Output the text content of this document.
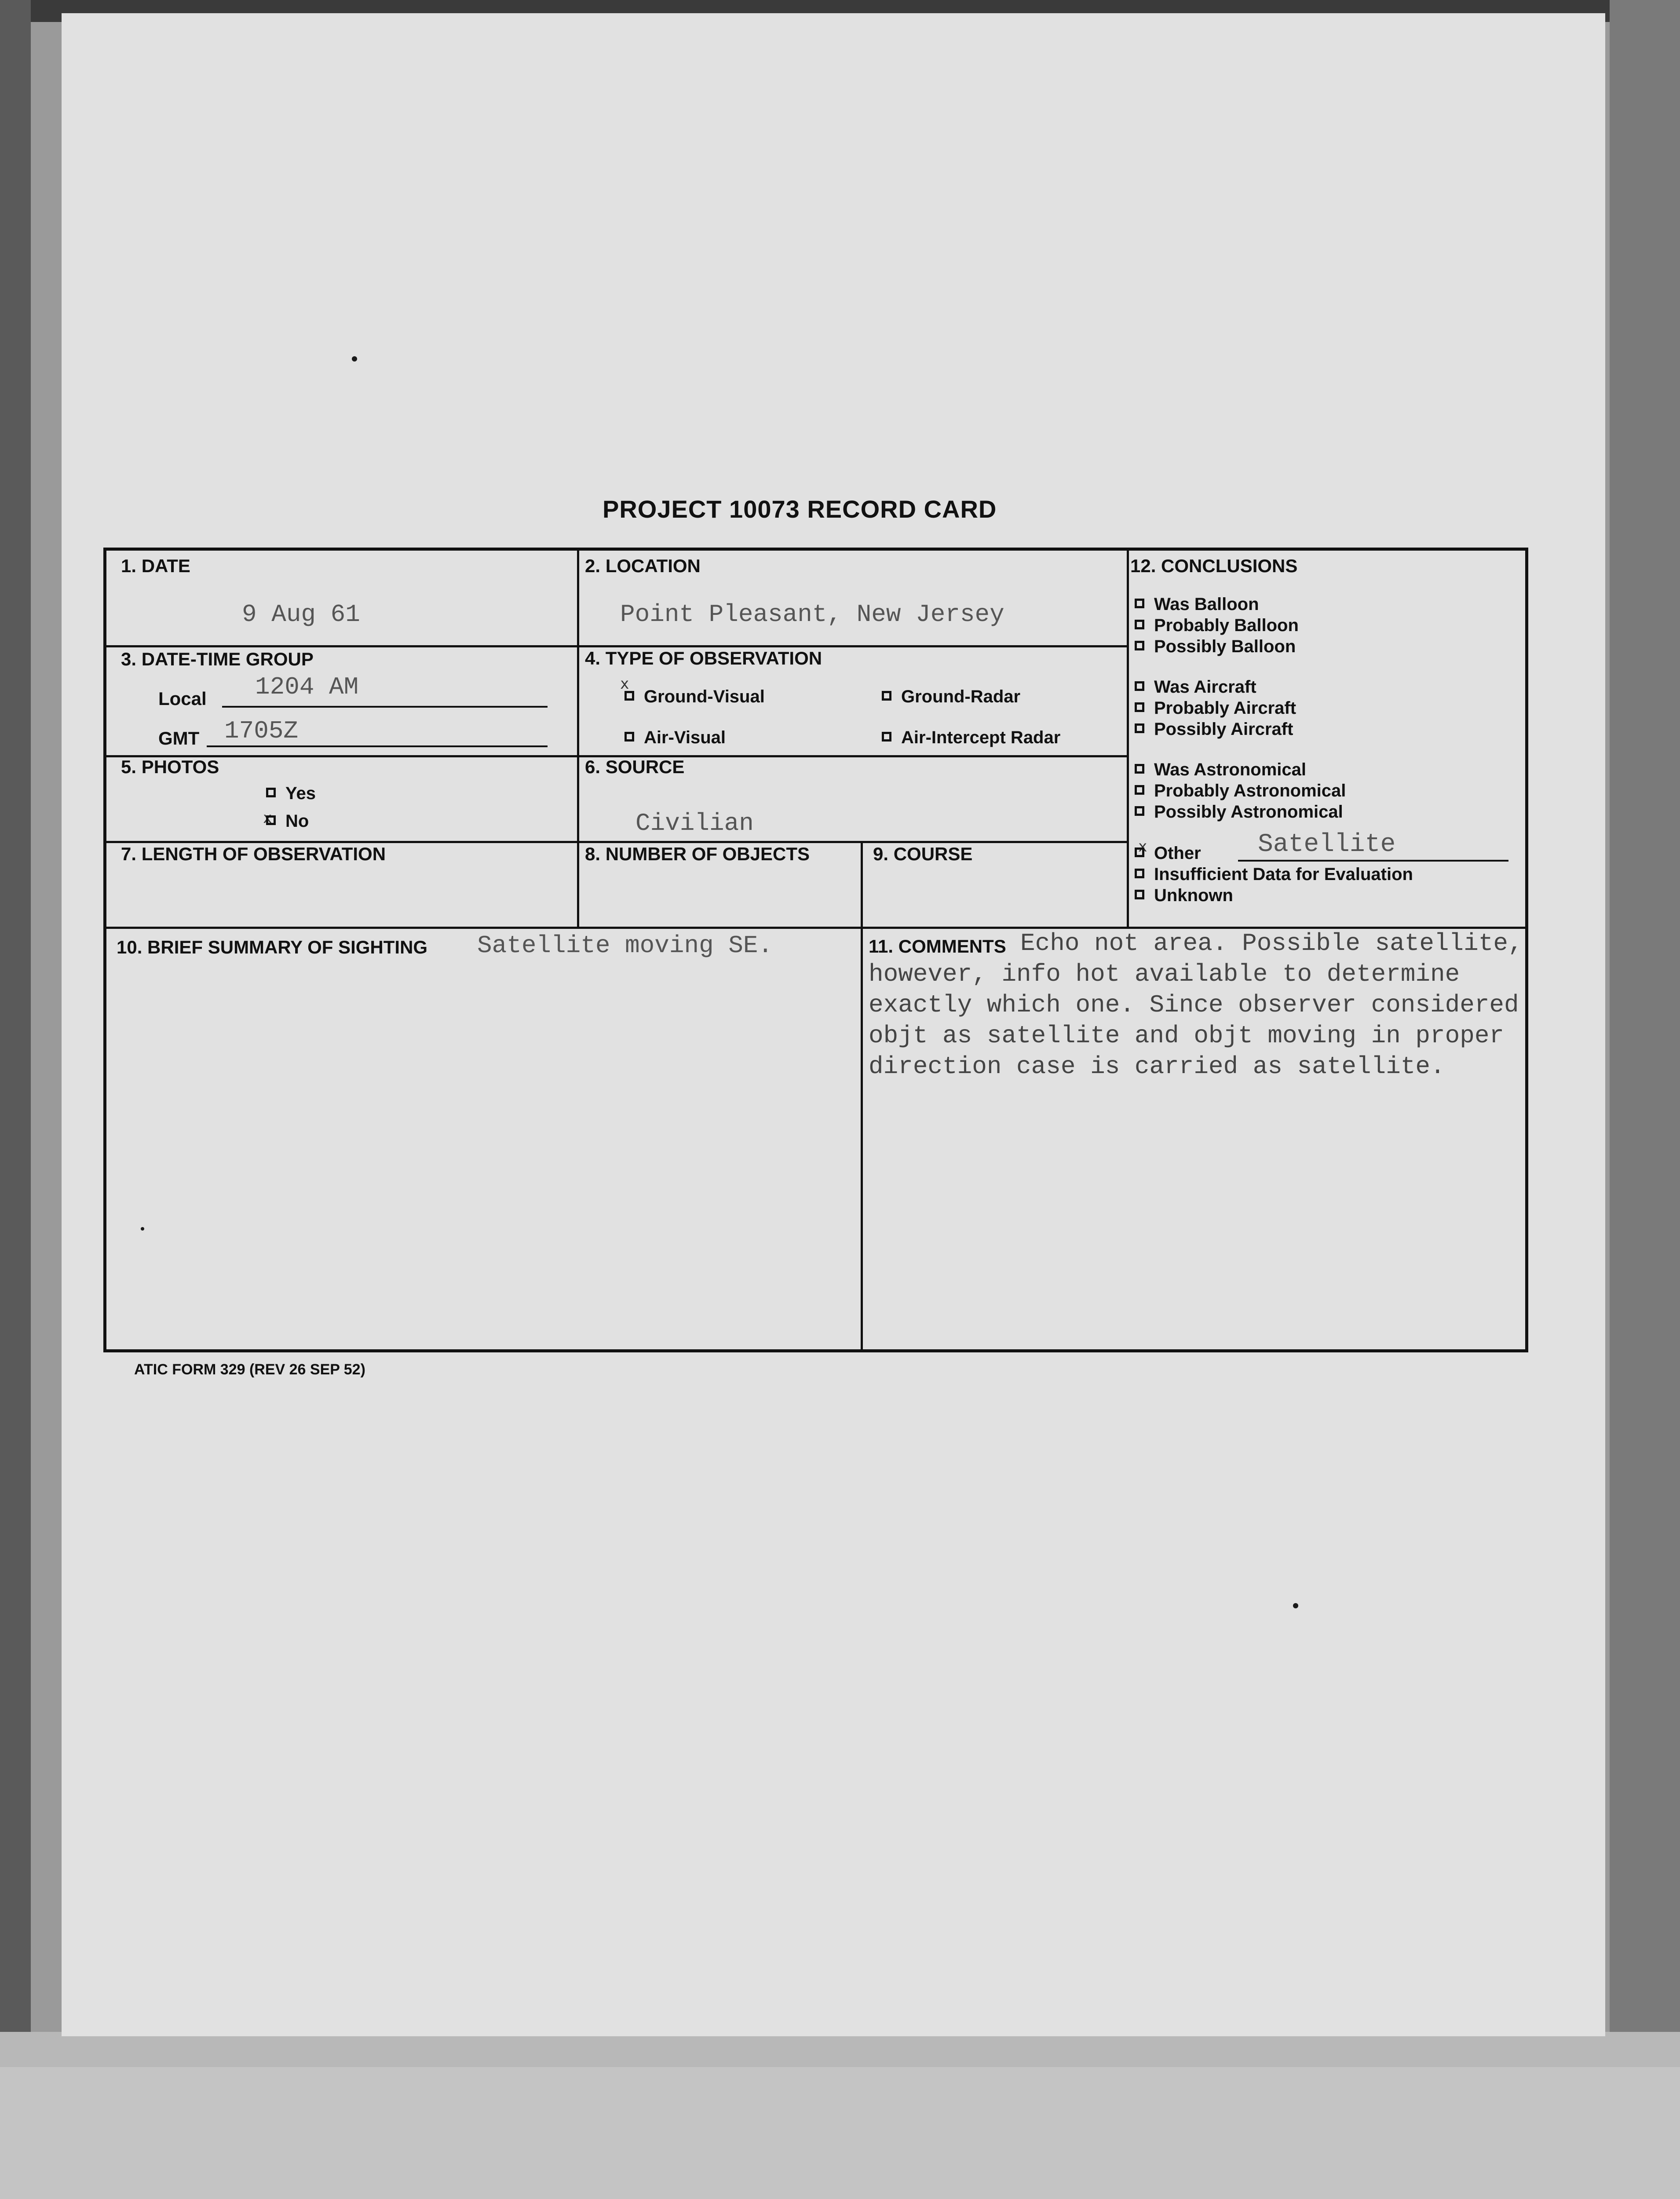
PROJECT 10073 RECORD CARD
1. DATE
9 Aug 61
2. LOCATION
Point Pleasant, New Jersey
3. DATE-TIME GROUP
Local 1204 AM
GMT 1705Z
4. TYPE OF OBSERVATION
x
Ground-Visual	Ground-Radar
Air-Visual	Air-Intercept Radar
5. PHOTOS
Yes
x No
6. SOURCE
Civilian
7. LENGTH OF OBSERVATION	8. NUMBER OF OBJECTS	9. COURSE
10. BRIEF SUMMARY OF SIGHTING Satellite moving SE.	11. COMMENTS Echo not area. Possible satellite, however, info hot available to determine exactly which one. Since observer considered objt as satellite and objt moving in proper direction case is carried as satellite.
12. CONCLUSIONS
Was Balloon
Probably Balloon
Possibly Balloon
Was Aircraft
Probably Aircraft
Possibly Aircraft
Was Astronomical
Probably Astronomical
Possibly Astronomical
x Other Satellite
Insufficient Data for Evaluation
Unknown
ATIC FORM 329 (REV 26 SEP 52)
